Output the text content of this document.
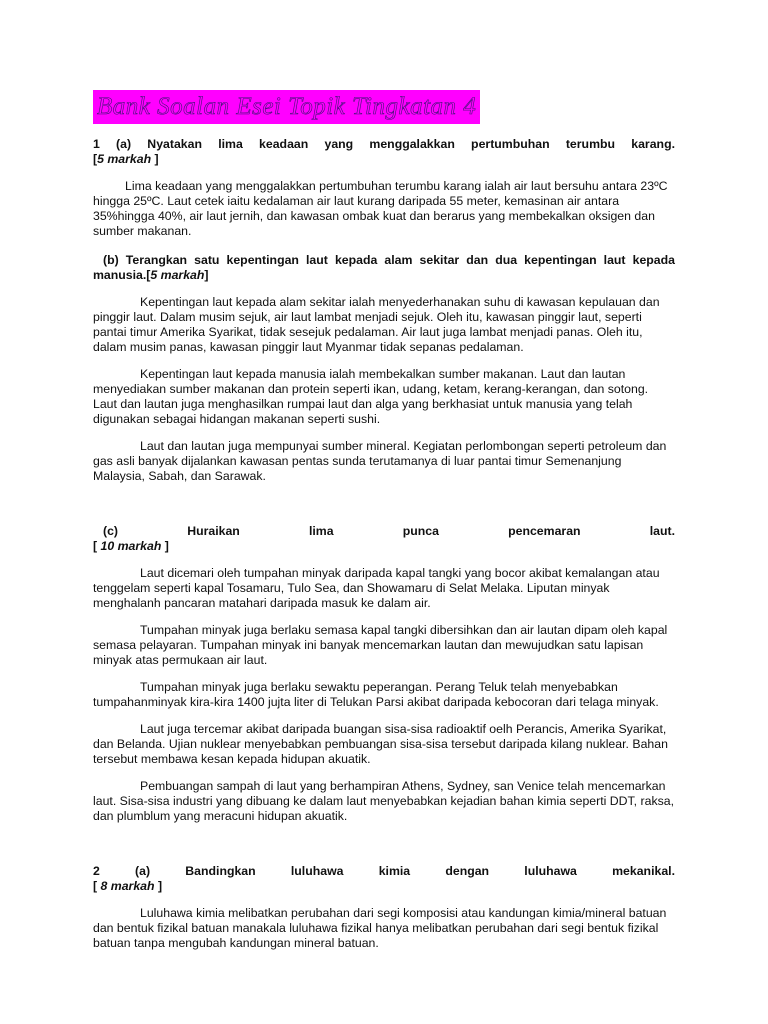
Bank Soalan Esei Topik Tingkatan 4

1 (a) Nyatakan lima keadaan yang menggalakkan pertumbuhan terumbu karang.
[5 markah ]

Lima keadaan yang menggalakkan pertumbuhan terumbu karang ialah air laut bersuhu antara 23ºC hingga 25ºC. Laut cetek iaitu kedalaman air laut kurang daripada 55 meter, kemasinan air antara 35%hingga 40%, air laut jernih, dan kawasan ombak kuat dan berarus yang membekalkan oksigen dan sumber makanan.

(b) Terangkan satu kepentingan laut kepada alam sekitar dan dua kepentingan laut kepada manusia.[5 markah]

Kepentingan laut kepada alam sekitar ialah menyederhanakan suhu di kawasan kepulauan dan pinggir laut. Dalam musim sejuk, air laut lambat menjadi sejuk. Oleh itu, kawasan pinggir laut, seperti pantai timur Amerika Syarikat, tidak sesejuk pedalaman. Air laut juga lambat menjadi panas. Oleh itu, dalam musim panas, kawasan pinggir laut Myanmar tidak sepanas pedalaman.

Kepentingan laut kepada manusia ialah membekalkan sumber makanan. Laut dan lautan menyediakan sumber makanan dan protein seperti ikan, udang, ketam, kerang-kerangan, dan sotong. Laut dan lautan juga menghasilkan rumpai laut dan alga yang berkhasiat untuk manusia yang telah digunakan sebagai hidangan makanan seperti sushi.

Laut dan lautan juga mempunyai sumber mineral. Kegiatan perlombongan seperti petroleum dan gas asli banyak dijalankan kawasan pentas sunda terutamanya di luar pantai timur Semenanjung Malaysia, Sabah, dan Sarawak.

(c) Huraikan lima punca pencemaran laut.

[ 10 markah ]

Laut dicemari oleh tumpahan minyak daripada kapal tangki yang bocor akibat kemalangan atau tenggelam seperti kapal Tosamaru, Tulo Sea, dan Showamaru di Selat Melaka. Liputan minyak menghalanh pancaran matahari daripada masuk ke dalam air.

Tumpahan minyak juga berlaku semasa kapal tangki dibersihkan dan air lautan dipam oleh kapal semasa pelayaran. Tumpahan minyak ini banyak mencemarkan lautan dan mewujudkan satu lapisan minyak atas permukaan air laut.

Tumpahan minyak juga berlaku sewaktu peperangan. Perang Teluk telah menyebabkan tumpahanminyak kira-kira 1400 jujta liter di Telukan Parsi akibat daripada kebocoran dari telaga minyak.

Laut juga tercemar akibat daripada buangan sisa-sisa radioaktif oelh Perancis, Amerika Syarikat, dan Belanda. Ujian nuklear menyebabkan pembuangan sisa-sisa tersebut daripada kilang nuklear. Bahan tersebut membawa kesan kepada hidupan akuatik.

Pembuangan sampah di laut yang berhampiran Athens, Sydney, san Venice telah mencemarkan laut. Sisa-sisa industri yang dibuang ke dalam laut menyebabkan kejadian bahan kimia seperti DDT, raksa, dan plumblum yang meracuni hidupan akuatik.

2 (a) Bandingkan luluhawa kimia dengan luluhawa mekanikal.

[ 8 markah ]

Luluhawa kimia melibatkan perubahan dari segi komposisi atau kandungan kimia/mineral batuan dan bentuk fizikal batuan manakala luluhawa fizikal hanya melibatkan perubahan dari segi bentuk fizikal batuan tanpa mengubah kandungan mineral batuan.
